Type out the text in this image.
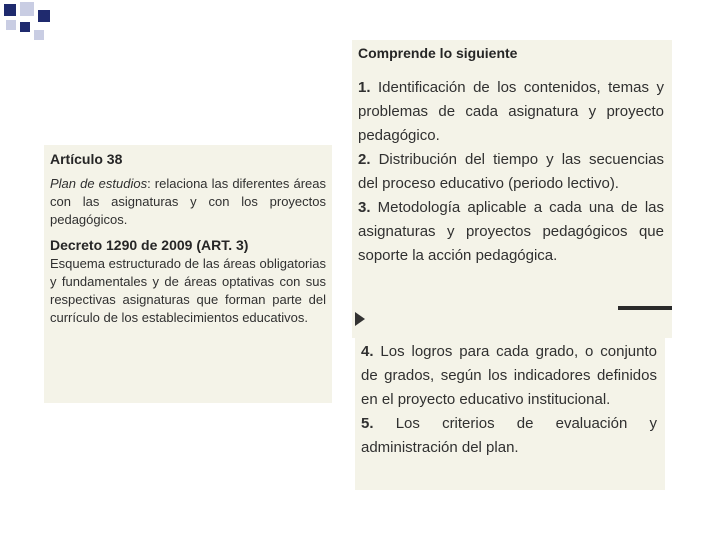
Artículo 38

Plan de estudios: relaciona las diferentes áreas con las asignaturas y con los proyectos pedagógicos.

Decreto 1290 de 2009 (ART. 3)

Esquema estructurado de las áreas obligatorias y fundamentales y de áreas optativas con sus respectivas asignaturas que forman parte del currículo de los establecimientos educativos.

Comprende lo siguiente

1. Identificación de los contenidos, temas y problemas de cada asignatura y proyecto pedagógico.

2. Distribución del tiempo y las secuencias del proceso educativo (periodo lectivo).

3. Metodología aplicable a cada una de las asignaturas y proyectos pedagógicos que soporte la acción pedagógica.

4. Los logros para cada grado, o conjunto de grados, según los indicadores definidos en el proyecto educativo institucional.

5. Los criterios de evaluación y administración del plan.
